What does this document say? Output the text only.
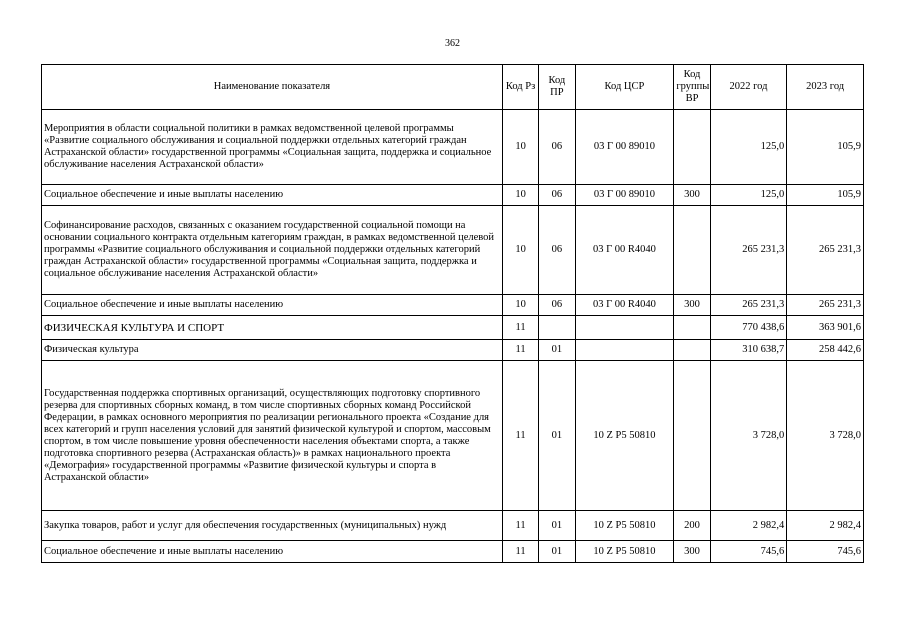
362
Наименование показателя	Код Рз	Код ПР	Код ЦСР	Код группы ВР	2022 год	2023 год
Мероприятия в области социальной политики в рамках ведомственной целевой программы «Развитие социального обслуживания и социальной поддержки отдельных категорий граждан Астраханской области» государственной программы «Социальная защита, поддержка и социальное обслуживание населения Астраханской области»	10	06	03 Г 00 89010		125,0	105,9
Социальное обеспечение и иные выплаты населению	10	06	03 Г 00 89010	300	125,0	105,9
Софинансирование расходов, связанных с оказанием государственной социальной помощи на основании социального контракта отдельным категориям граждан, в рамках ведомственной целевой программы «Развитие социального обслуживания и социальной поддержки отдельных категорий граждан Астраханской области» государственной программы «Социальная защита, поддержка и социальное обслуживание населения Астраханской области»	10	06	03 Г 00 R4040		265 231,3	265 231,3
Социальное обеспечение и иные выплаты населению	10	06	03 Г 00 R4040	300	265 231,3	265 231,3
ФИЗИЧЕСКАЯ КУЛЬТУРА И СПОРТ	11				770 438,6	363 901,6
Физическая культура	11	01			310 638,7	258 442,6
Государственная поддержка спортивных организаций, осуществляющих подготовку спортивного резерва для спортивных сборных команд, в том числе спортивных сборных команд Российской Федерации, в рамках основного мероприятия по реализации регионального проекта «Создание для всех категорий и групп населения условий для занятий физической культурой и спортом, массовым спортом, в том числе повышение уровня обеспеченности населения объектами спорта, а также подготовка спортивного резерва (Астраханская область)» в рамках национального проекта «Демография» государственной программы «Развитие физической культуры и спорта в Астраханской области»	11	01	10 Z P5 50810		3 728,0	3 728,0
Закупка товаров, работ и услуг для обеспечения государственных (муниципальных) нужд	11	01	10 Z P5 50810	200	2 982,4	2 982,4
Социальное обеспечение и иные выплаты населению	11	01	10 Z P5 50810	300	745,6	745,6
